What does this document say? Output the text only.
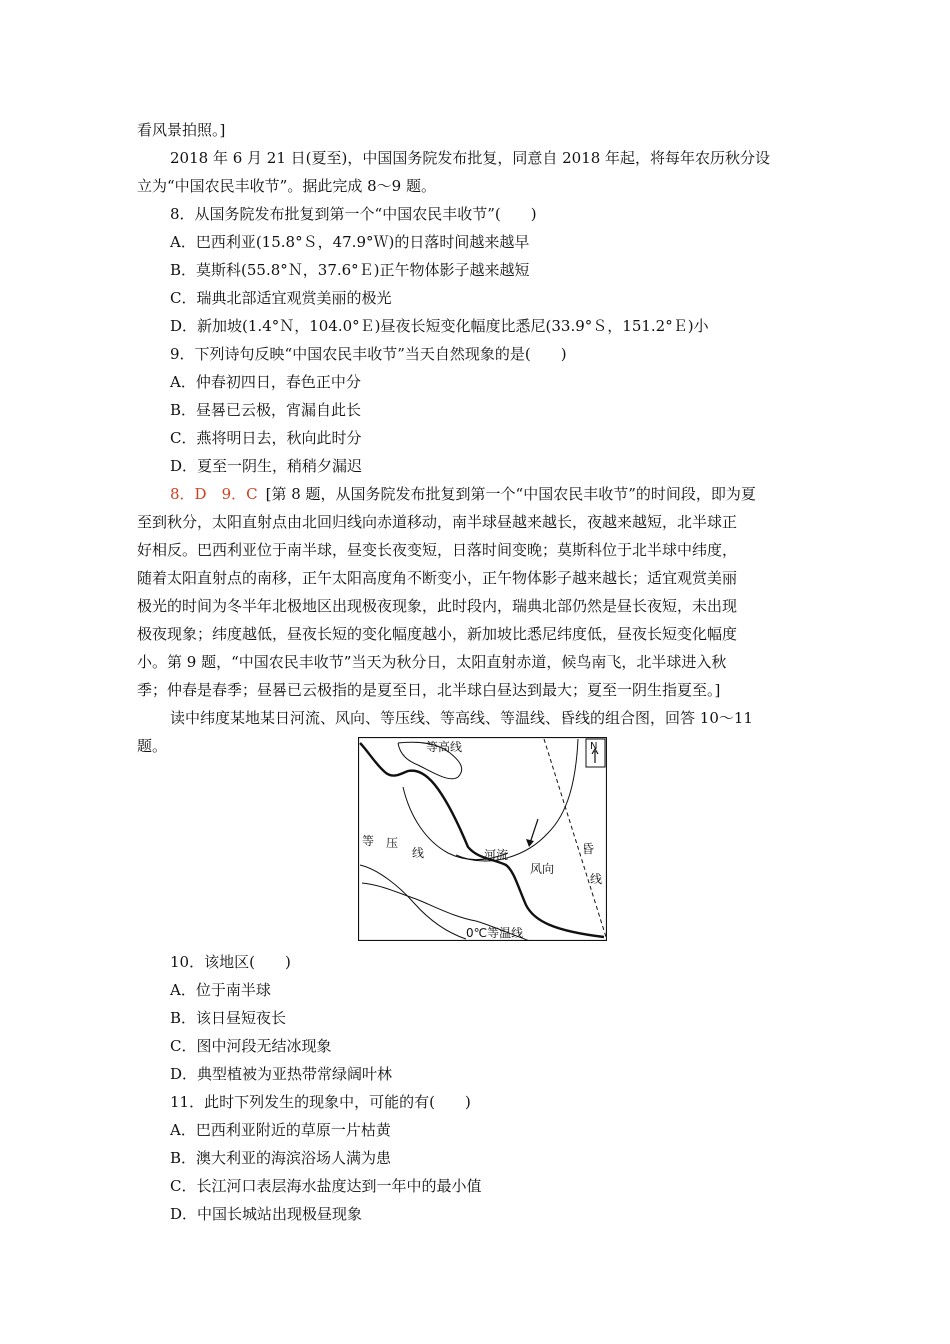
看风景拍照。]
2018 年 6 月 21 日(夏至)，中国国务院发布批复，同意自 2018 年起，将每年农历秋分设
立为“中国农民丰收节”。据此完成 8～9 题。
8．从国务院发布批复到第一个“中国农民丰收节”(　　)
A．巴西利亚(15.8°Ｓ，47.9°Ｗ)的日落时间越来越早
B．莫斯科(55.8°Ｎ，37.6°Ｅ)正午物体影子越来越短
C．瑞典北部适宜观赏美丽的极光
D．新加坡(1.4°Ｎ，104.0°Ｅ)昼夜长短变化幅度比悉尼(33.9°Ｓ，151.2°Ｅ)小
9．下列诗句反映“中国农民丰收节”当天自然现象的是(　　)
A．仲春初四日，春色正中分
B．昼晷已云极，宵漏自此长
C．燕将明日去，秋向此时分
D．夏至一阴生，稍稍夕漏迟
8．D　9．C [第 8 题，从国务院发布批复到第一个“中国农民丰收节”的时间段，即为夏
至到秋分，太阳直射点由北回归线向赤道移动，南半球昼越来越长，夜越来越短，北半球正
好相反。巴西利亚位于南半球，昼变长夜变短，日落时间变晚；莫斯科位于北半球中纬度，
随着太阳直射点的南移，正午太阳高度角不断变小，正午物体影子越来越长；适宜观赏美丽
极光的时间为冬半年北极地区出现极夜现象，此时段内，瑞典北部仍然是昼长夜短，未出现
极夜现象；纬度越低，昼夜长短的变化幅度越小，新加坡比悉尼纬度低，昼夜长短变化幅度
小。第 9 题，“中国农民丰收节”当天为秋分日，太阳直射赤道，候鸟南飞，北半球进入秋
季；仲春是春季；昼晷已云极指的是夏至日，北半球白昼达到最大；夏至一阴生指夏至。]
读中纬度某地某日河流、风向、等压线、等高线、等温线、昏线的组合图，回答 10～11
题。	N
等高线
等 压
线	河流
风向
昏
线
0℃等温线
10．该地区(　　)
A．位于南半球
B．该日昼短夜长
C．图中河段无结冰现象
D．典型植被为亚热带常绿阔叶林
11．此时下列发生的现象中，可能的有(　　)
A．巴西利亚附近的草原一片枯黄
B．澳大利亚的海滨浴场人满为患
C．长江河口表层海水盐度达到一年中的最小值
D．中国长城站出现极昼现象
